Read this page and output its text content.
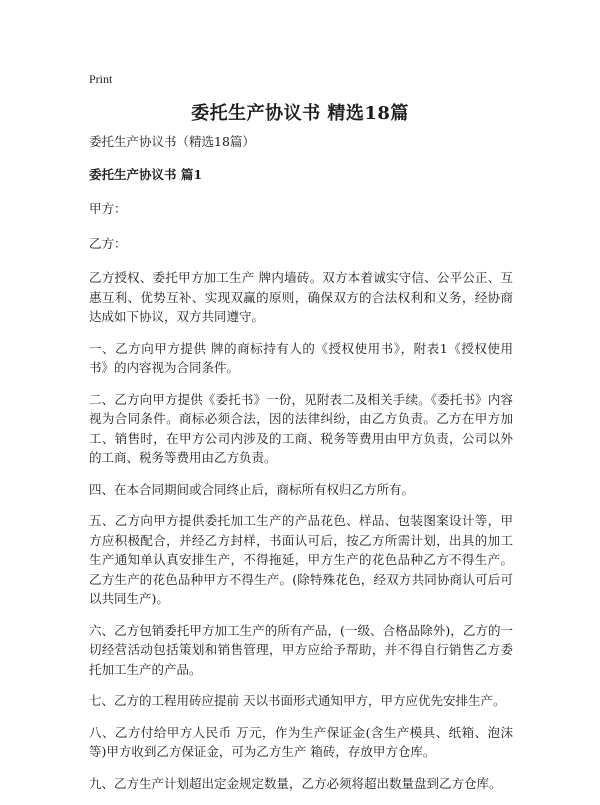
Print
委托生产协议书 精选18篇

委托生产协议书（精选18篇）

委托生产协议书 篇1

甲方：

乙方：

乙方授权、委托甲方加工生产 牌内墙砖。双方本着诚实守信、公平公正、互惠互利、优势互补、实现双赢的原则，确保双方的合法权利和义务，经协商达成如下协议，双方共同遵守。

一、乙方向甲方提供 牌的商标持有人的《授权使用书》，附表1《授权使用书》的内容视为合同条件。

二、乙方向甲方提供《委托书》一份，见附表二及相关手续。《委托书》内容视为合同条件。商标必须合法，因的法律纠纷，由乙方负责。乙方在甲方加工、销售时，在甲方公司内涉及的工商、税务等费用由甲方负责，公司以外的工商、税务等费用由乙方负责。

四、在本合同期间或合同终止后，商标所有权归乙方所有。

五、乙方向甲方提供委托加工生产的产品花色、样品、包装图案设计等，甲方应积极配合，并经乙方封样，书面认可后，按乙方所需计划，出具的加工生产通知单认真安排生产，不得拖延，甲方生产的花色品种乙方不得生产。乙方生产的花色品种甲方不得生产。(除特殊花色，经双方共同协商认可后可以共同生产)。

六、乙方包销委托甲方加工生产的所有产品，(一级、合格品除外)，乙方的一切经营活动包括策划和销售管理，甲方应给予帮助，并不得自行销售乙方委托加工生产的产品。

七、乙方的工程用砖应提前 天以书面形式通知甲方，甲方应优先安排生产。

八、乙方付给甲方人民币 万元，作为生产保证金(含生产模具、纸箱、泡沫等)甲方收到乙方保证金，可为乙方生产 箱砖，存放甲方仓库。

九、乙方生产计划超出定金规定数量，乙方必须将超出数量盘到乙方仓库。
